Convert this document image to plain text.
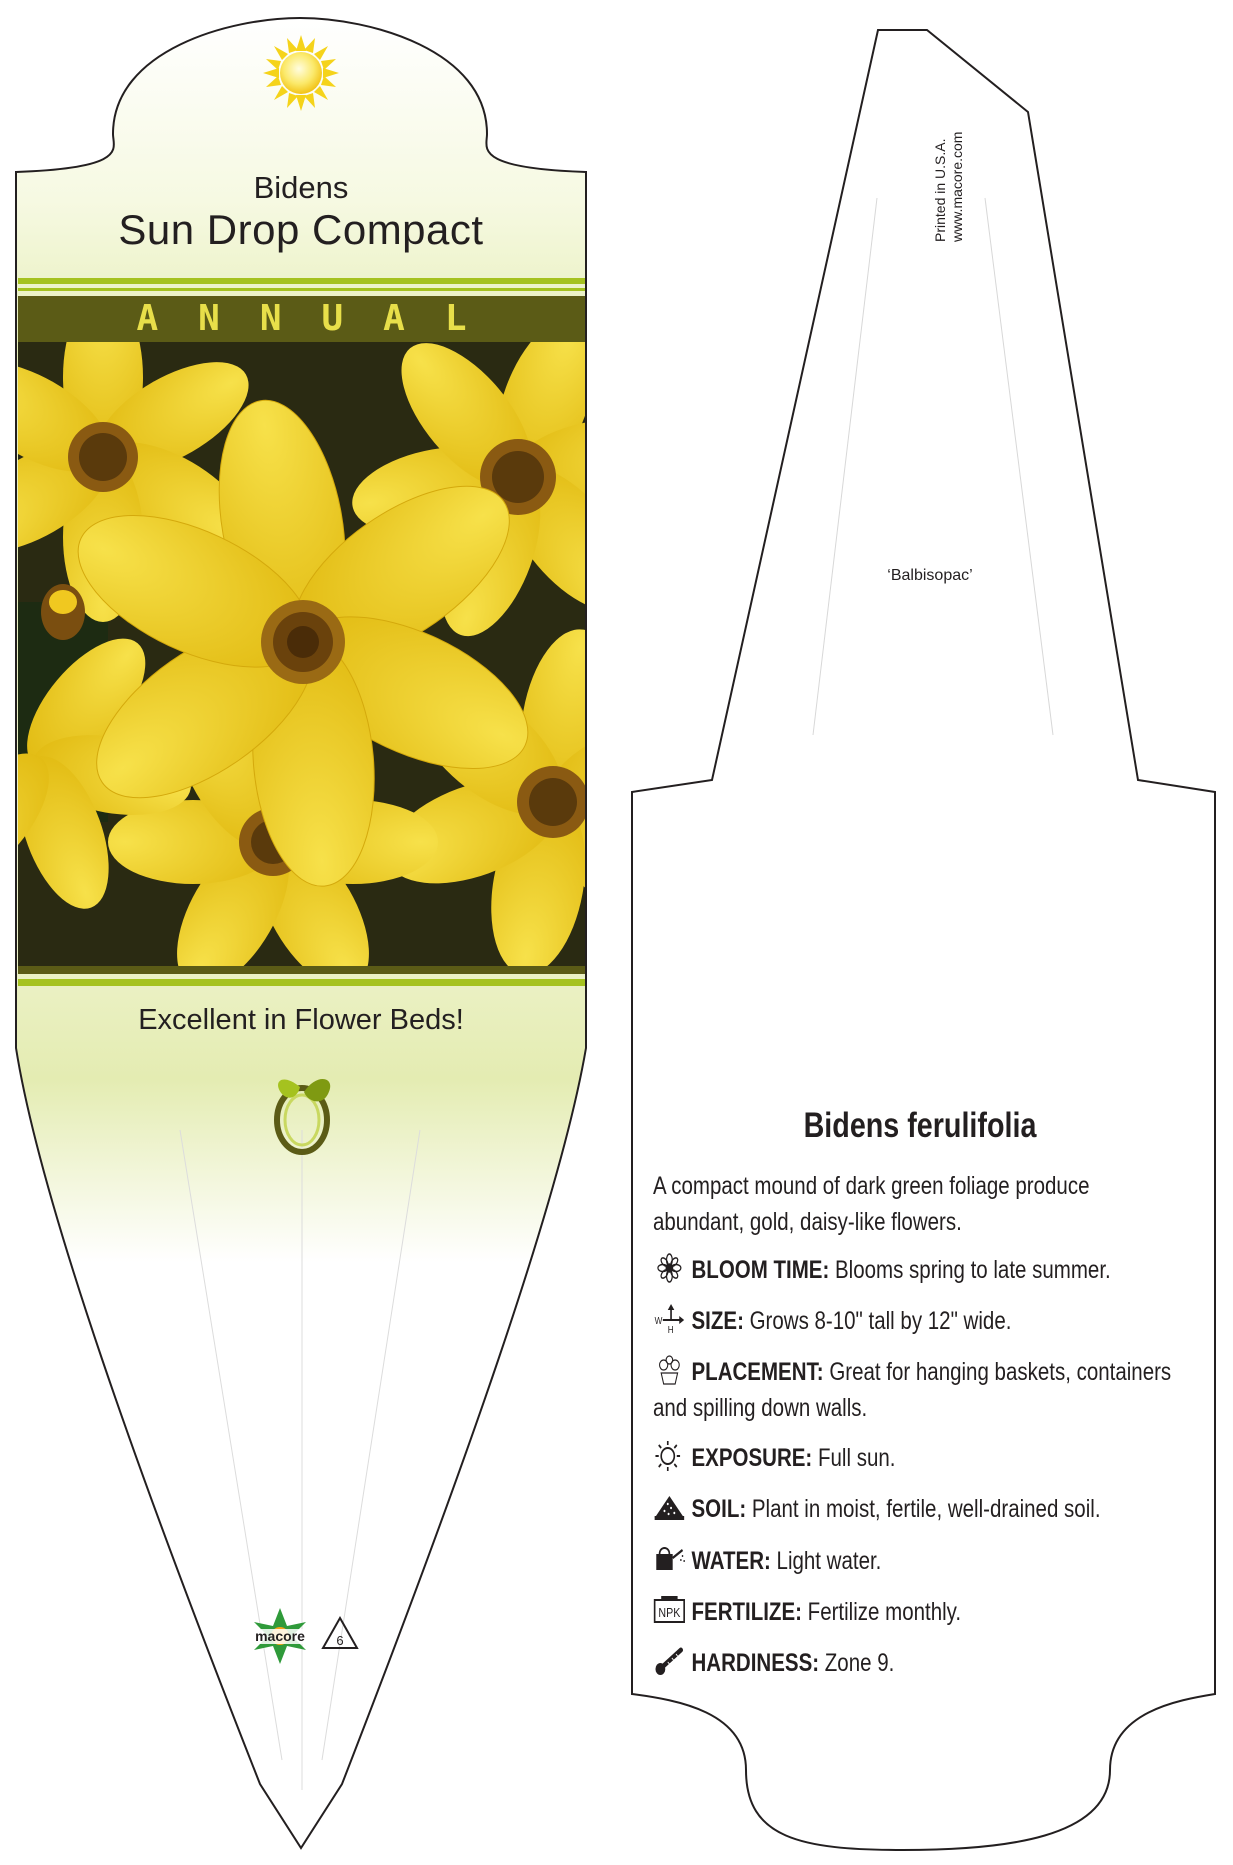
Bidens
Sun Drop Compact
ANNUAL
Excellent in Flower Beds!
macore 6
Printed in U.S.A. www.macore.com
‘Balbisopac’
Bidens ferulifolia
A compact mound of dark green foliage produce abundant, gold, daisy-like flowers.
BLOOM TIME: Blooms spring to late summer.
W
H SIZE: Grows 8-10" tall by 12" wide.
PLACEMENT: Great for hanging baskets, containers and spilling down walls.
EXPOSURE: Full sun.
SOIL: Plant in moist, fertile, well-drained soil.
WATER: Light water.
NPK FERTILIZE: Fertilize monthly.
HARDINESS: Zone 9.
